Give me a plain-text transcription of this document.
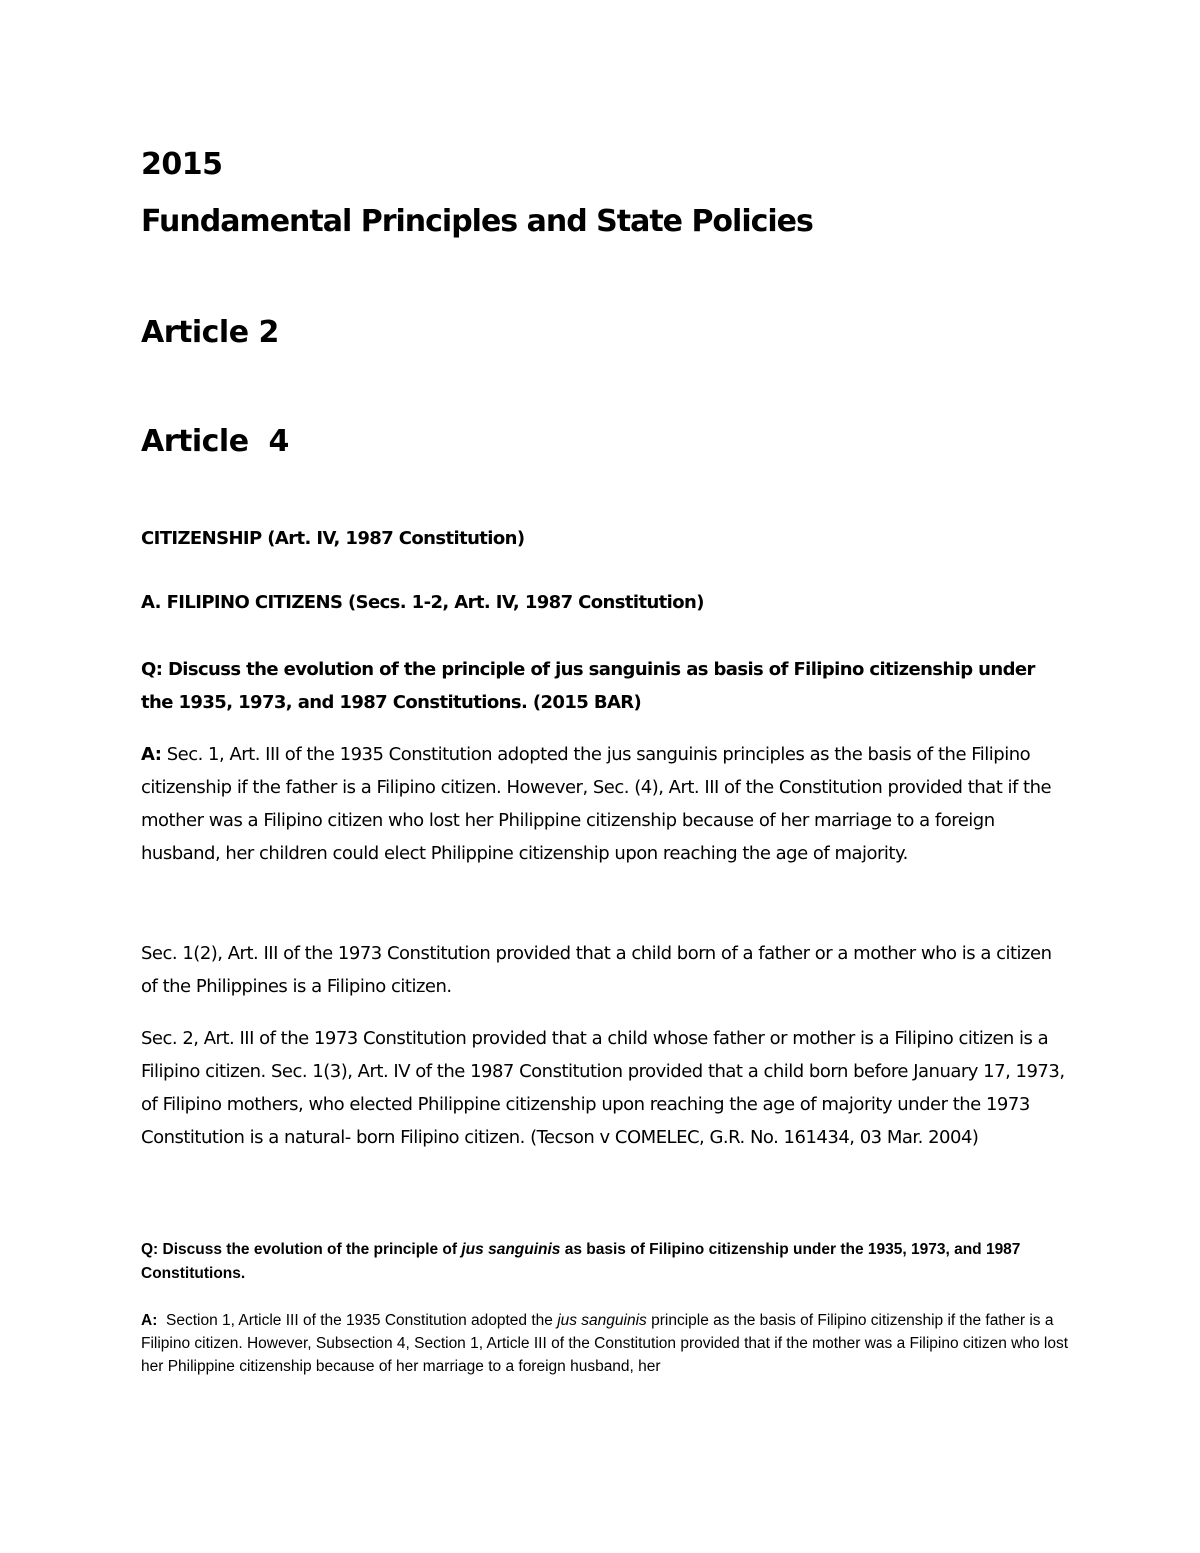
2015
Fundamental Principles and State Policies
Article 2
Article  4
CITIZENSHIP (Art. IV, 1987 Constitution)
A. FILIPINO CITIZENS (Secs. 1-2, Art. IV, 1987 Constitution)

Q: Discuss the evolution of the principle of jus sanguinis as basis of Filipino citizenship under the 1935, 1973, and 1987 Constitutions. (2015 BAR)

A: Sec. 1, Art. III of the 1935 Constitution adopted the jus sanguinis principles as the basis of the Filipino citizenship if the father is a Filipino citizen. However, Sec. (4), Art. III of the Constitution provided that if the mother was a Filipino citizen who lost her Philippine citizenship because of her marriage to a foreign husband, her children could elect Philippine citizenship upon reaching the age of majority.

Sec. 1(2), Art. III of the 1973 Constitution provided that a child born of a father or a mother who is a citizen of the Philippines is a Filipino citizen.

Sec. 2, Art. III of the 1973 Constitution provided that a child whose father or mother is a Filipino citizen is a Filipino citizen. Sec. 1(3), Art. IV of the 1987 Constitution provided that a child born before January 17, 1973, of Filipino mothers, who elected Philippine citizenship upon reaching the age of majority under the 1973 Constitution is a natural- born Filipino citizen. (Tecson v COMELEC, G.R. No. 161434, 03 Mar. 2004)

Q: Discuss the evolution of the principle of jus sanguinis as basis of Filipino citizenship under the 1935, 1973, and 1987 Constitutions.

A: Section 1, Article III of the 1935 Constitution adopted the jus sanguinis principle as the basis of Filipino citizenship if the father is a Filipino citizen. However, Subsection 4, Section 1, Article III of the Constitution provided that if the mother was a Filipino citizen who lost her Philippine citizenship because of her marriage to a foreign husband, her
